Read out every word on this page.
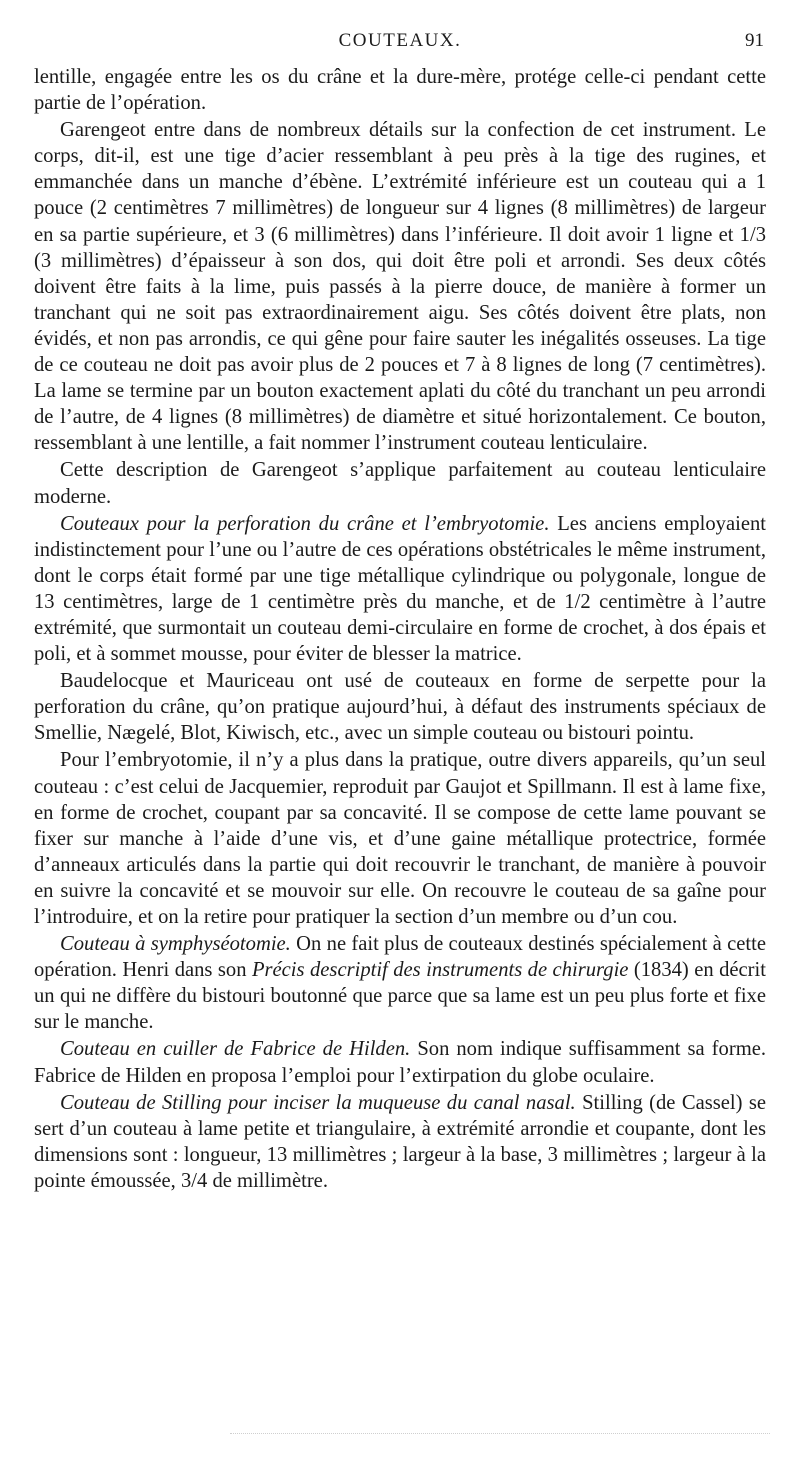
COUTEAUX.	91

lentille, engagée entre les os du crâne et la dure-mère, protége celle-ci pendant cette partie de l’opération.

Garengeot entre dans de nombreux détails sur la confection de cet instrument. Le corps, dit-il, est une tige d’acier ressemblant à peu près à la tige des rugines, et emmanchée dans un manche d’ébène. L’extrémité inférieure est un couteau qui a 1 pouce (2 centimètres 7 millimètres) de longueur sur 4 lignes (8 millimètres) de largeur en sa partie supérieure, et 3 (6 millimètres) dans l’inférieure. Il doit avoir 1 ligne et 1/3 (3 millimètres) d’épaisseur à son dos, qui doit être poli et arrondi. Ses deux côtés doivent être faits à la lime, puis passés à la pierre douce, de manière à former un tranchant qui ne soit pas extraordinairement aigu. Ses côtés doivent être plats, non évidés, et non pas arrondis, ce qui gêne pour faire sauter les inégalités osseuses. La tige de ce couteau ne doit pas avoir plus de 2 pouces et 7 à 8 lignes de long (7 centimètres). La lame se termine par un bouton exactement aplati du côté du tranchant un peu arrondi de l’autre, de 4 lignes (8 millimètres) de diamètre et situé horizontalement. Ce bouton, ressemblant à une lentille, a fait nommer l’instrument couteau lenticulaire.

Cette description de Garengeot s’applique parfaitement au couteau lenticulaire moderne.

Couteaux pour la perforation du crâne et l’embryotomie. Les anciens employaient indistinctement pour l’une ou l’autre de ces opérations obstétricales le même instrument, dont le corps était formé par une tige métallique cylindrique ou polygonale, longue de 13 centimètres, large de 1 centimètre près du manche, et de 1/2 centimètre à l’autre extrémité, que surmontait un couteau demi-circulaire en forme de crochet, à dos épais et poli, et à sommet mousse, pour éviter de blesser la matrice.

Baudelocque et Mauriceau ont usé de couteaux en forme de serpette pour la perforation du crâne, qu’on pratique aujourd’hui, à défaut des instruments spéciaux de Smellie, Nægelé, Blot, Kiwisch, etc., avec un simple couteau ou bistouri pointu.

Pour l’embryotomie, il n’y a plus dans la pratique, outre divers appareils, qu’un seul couteau : c’est celui de Jacquemier, reproduit par Gaujot et Spillmann. Il est à lame fixe, en forme de crochet, coupant par sa concavité. Il se compose de cette lame pouvant se fixer sur manche à l’aide d’une vis, et d’une gaine métallique protectrice, formée d’anneaux articulés dans la partie qui doit recouvrir le tranchant, de manière à pouvoir en suivre la concavité et se mouvoir sur elle. On recouvre le couteau de sa gaîne pour l’introduire, et on la retire pour pratiquer la section d’un membre ou d’un cou.

Couteau à symphyséotomie. On ne fait plus de couteaux destinés spécialement à cette opération. Henri dans son Précis descriptif des instruments de chirurgie (1834) en décrit un qui ne diffère du bistouri boutonné que parce que sa lame est un peu plus forte et fixe sur le manche.

Couteau en cuiller de Fabrice de Hilden. Son nom indique suffisamment sa forme. Fabrice de Hilden en proposa l’emploi pour l’extirpation du globe oculaire.

Couteau de Stilling pour inciser la muqueuse du canal nasal. Stilling (de Cassel) se sert d’un couteau à lame petite et triangulaire, à extrémité arrondie et coupante, dont les dimensions sont : longueur, 13 millimètres ; largeur à la base, 3 millimètres ; largeur à la pointe émoussée, 3/4 de millimètre.
